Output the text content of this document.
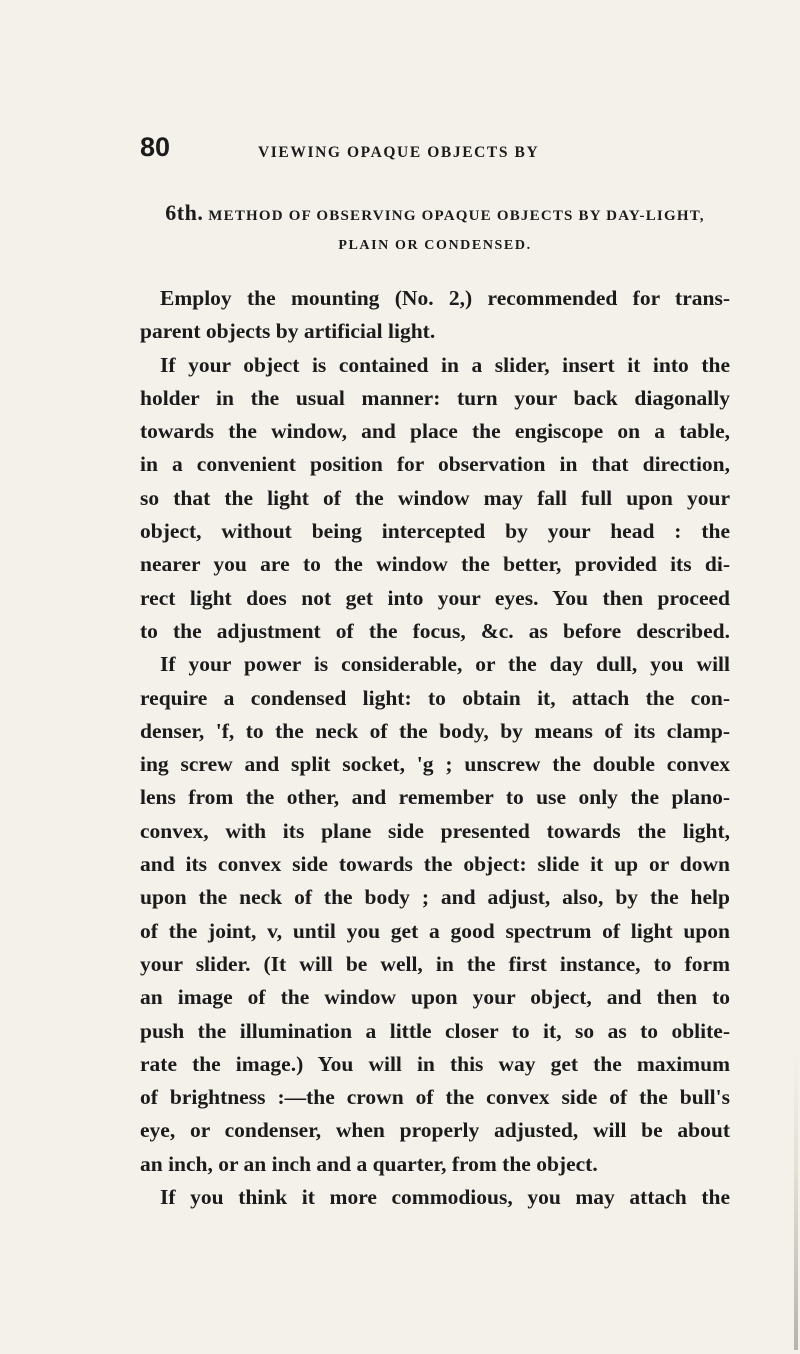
80	VIEWING OPAQUE OBJECTS BY
6th. METHOD OF OBSERVING OPAQUE OBJECTS BY DAY-LIGHT,
PLAIN OR CONDENSED.
Employ the mounting (No. 2,) recommended for trans-
parent objects by artificial light.
If your object is contained in a slider, insert it into the
holder in the usual manner: turn your back diagonally
towards the window, and place the engiscope on a table,
in a convenient position for observation in that direction,
so that the light of the window may fall full upon your
object, without being intercepted by your head : the
nearer you are to the window the better, provided its di-
rect light does not get into your eyes. You then proceed
to the adjustment of the focus, &c. as before described.
If your power is considerable, or the day dull, you will
require a condensed light: to obtain it, attach the con-
denser, 'f, to the neck of the body, by means of its clamp-
ing screw and split socket, 'g ; unscrew the double convex
lens from the other, and remember to use only the plano-
convex, with its plane side presented towards the light,
and its convex side towards the object: slide it up or down
upon the neck of the body ; and adjust, also, by the help
of the joint, v, until you get a good spectrum of light upon
your slider. (It will be well, in the first instance, to form
an image of the window upon your object, and then to
push the illumination a little closer to it, so as to oblite-
rate the image.) You will in this way get the maximum
of brightness :—the crown of the convex side of the bull's
eye, or condenser, when properly adjusted, will be about
an inch, or an inch and a quarter, from the object.
If you think it more commodious, you may attach the
